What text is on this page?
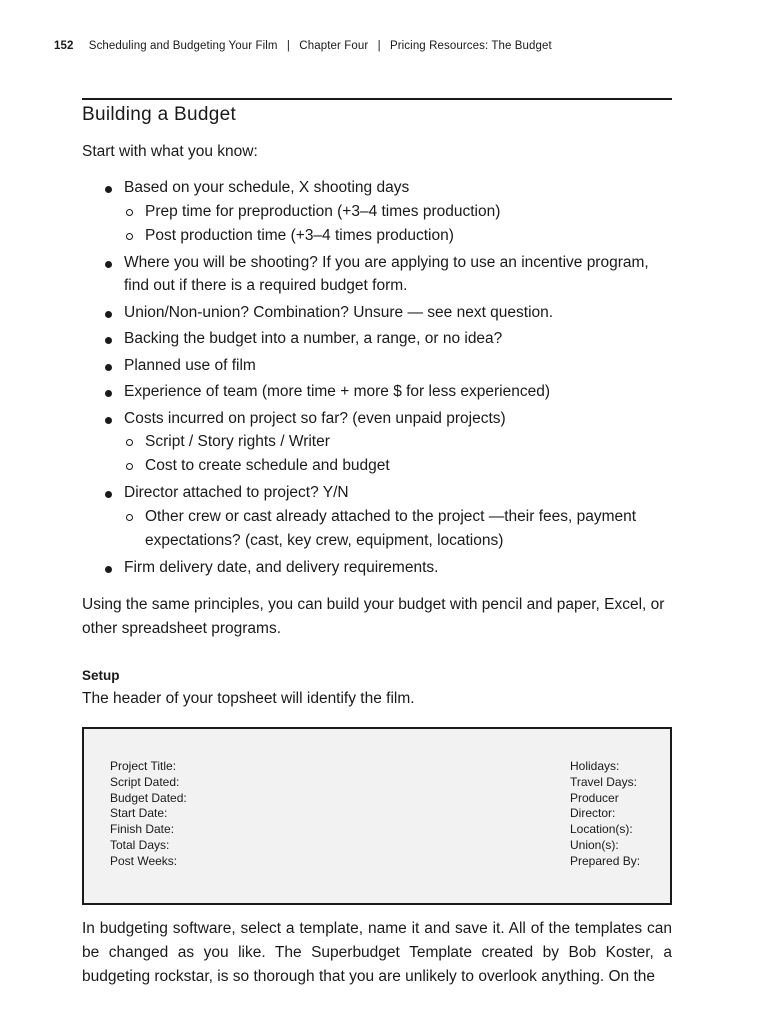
152 Scheduling and Budgeting Your Film | Chapter Four | Pricing Resources: The Budget
Building a Budget

Start with what you know:

Based on your schedule, X shooting days
Prep time for preproduction (+3–4 times production)
Post production time (+3–4 times production)
Where you will be shooting? If you are applying to use an incentive program, find out if there is a required budget form.
Union/Non-union? Combination? Unsure — see next question.
Backing the budget into a number, a range, or no idea?
Planned use of film
Experience of team (more time + more $ for less experienced)
Costs incurred on project so far? (even unpaid projects)
Script / Story rights / Writer
Cost to create schedule and budget
Director attached to project? Y/N
Other crew or cast already attached to the project —their fees, payment expectations? (cast, key crew, equipment, locations)
Firm delivery date, and delivery requirements.

Using the same principles, you can build your budget with pencil and paper, Excel, or other spreadsheet programs.

Setup

The header of your topsheet will identify the film.

Project Title:
Script Dated:
Budget Dated:
Start Date:
Finish Date:
Total Days:
Post Weeks:
Holidays:
Travel Days:
Producer
Director:
Location(s):
Union(s):
Prepared By:

In budgeting software, select a template, name it and save it. All of the templates can be changed as you like. The Superbudget Template created by Bob Koster, a budgeting rockstar, is so thorough that you are unlikely to overlook anything. On the
